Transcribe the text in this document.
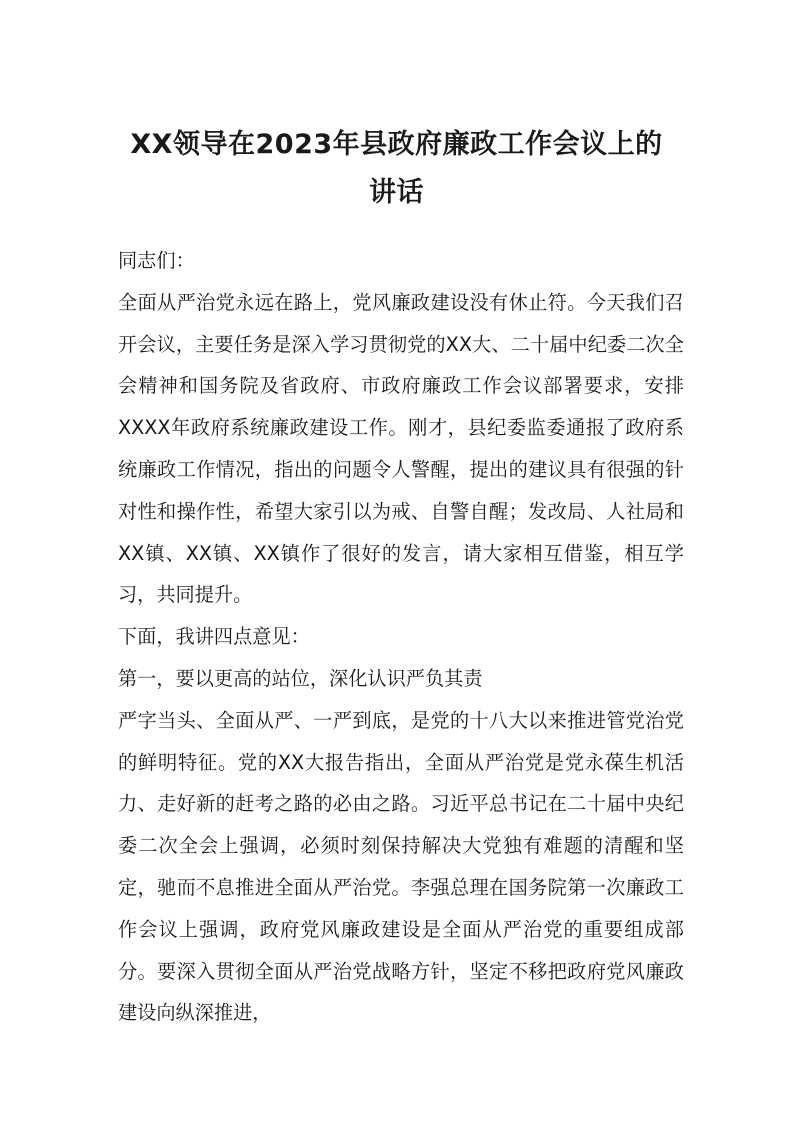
XX领导在2023年县政府廉政工作会议上的
讲话

同志们：

全面从严治党永远在路上，党风廉政建设没有休止符。今天我们召开会议，主要任务是深入学习贯彻党的XX大、二十届中纪委二次全会精神和国务院及省政府、市政府廉政工作会议部署要求，安排XXXX年政府系统廉政建设工作。刚才，县纪委监委通报了政府系统廉政工作情况，指出的问题令人警醒，提出的建议具有很强的针对性和操作性，希望大家引以为戒、自警自醒；发改局、人社局和XX镇、XX镇、XX镇作了很好的发言，请大家相互借鉴，相互学习，共同提升。

下面，我讲四点意见：

第一，要以更高的站位，深化认识严负其责

严字当头、全面从严、一严到底，是党的十八大以来推进管党治党的鲜明特征。党的XX大报告指出，全面从严治党是党永葆生机活力、走好新的赶考之路的必由之路。习近平总书记在二十届中央纪委二次全会上强调，必须时刻保持解决大党独有难题的清醒和坚定，驰而不息推进全面从严治党。李强总理在国务院第一次廉政工作会议上强调，政府党风廉政建设是全面从严治党的重要组成部分。要深入贯彻全面从严治党战略方针，坚定不移把政府党风廉政建设向纵深推进，
